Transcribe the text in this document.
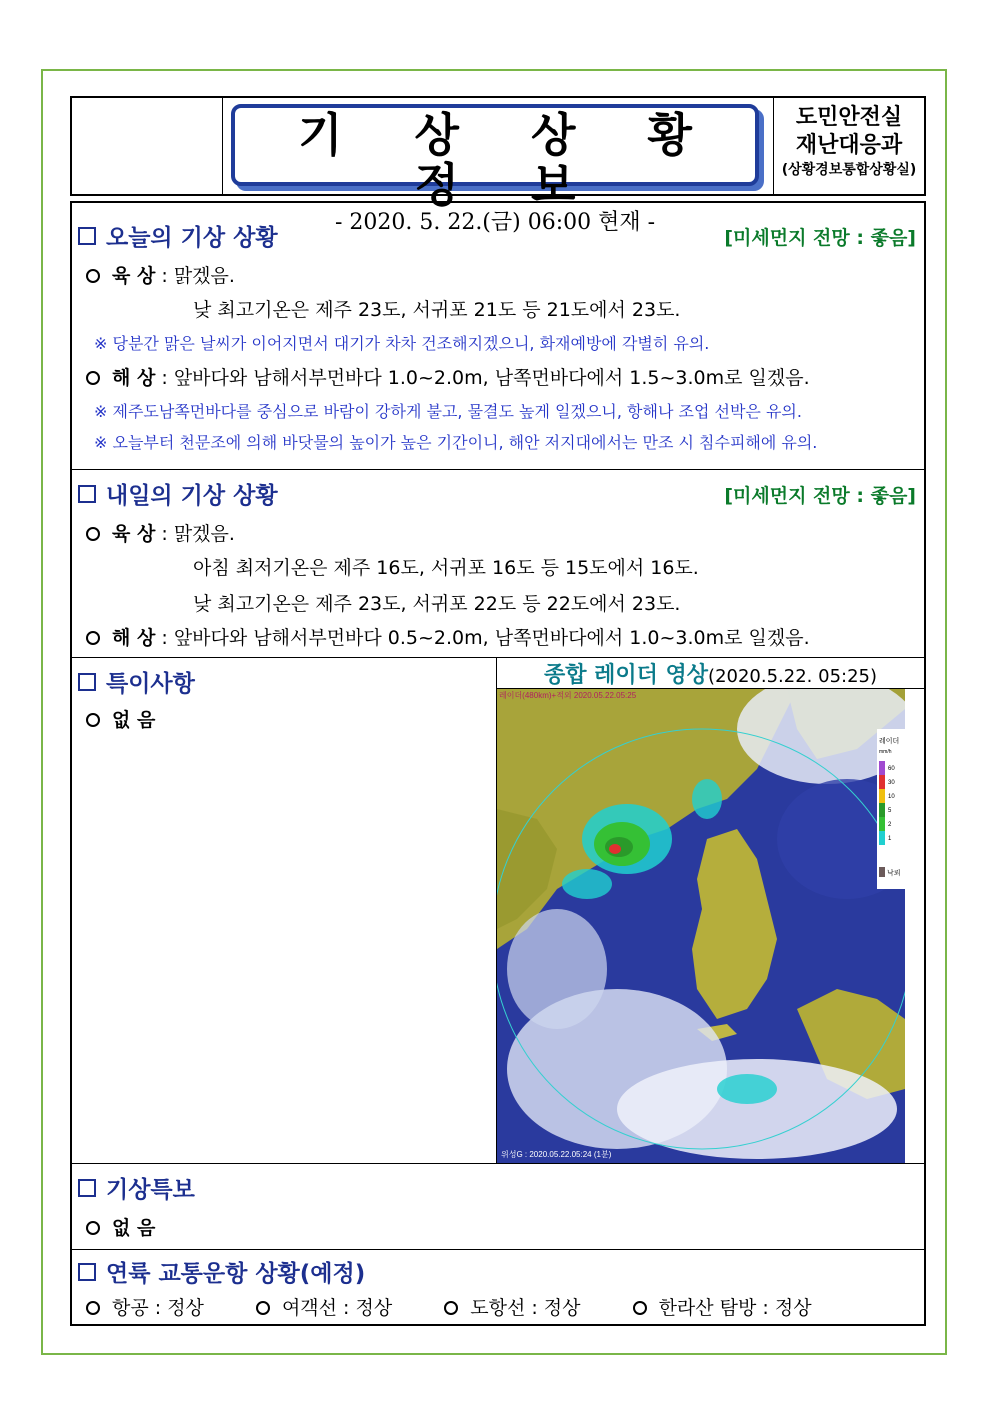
기 상 상 황 정 보
- 2020. 5. 22.(금) 06:00 현재 -
도민안전실
재난대응과
(상황경보통합상황실)
오늘의 기상 상황	[미세먼지 전망 : 좋음]
육 상 : 맑겠음.
낮 최고기온은 제주 23도, 서귀포 21도 등 21도에서 23도.
※ 당분간 맑은 날씨가 이어지면서 대기가 차차 건조해지겠으니, 화재예방에 각별히 유의.
해 상 : 앞바다와 남해서부먼바다 1.0~2.0m, 남쪽먼바다에서 1.5~3.0m로 일겠음.
※ 제주도남쪽먼바다를 중심으로 바람이 강하게 불고, 물결도 높게 일겠으니, 항해나 조업 선박은 유의.
※ 오늘부터 천문조에 의해 바닷물의 높이가 높은 기간이니, 해안 저지대에서는 만조 시 침수피해에 유의.
내일의 기상 상황	[미세먼지 전망 : 좋음]
육 상 : 맑겠음.
아침 최저기온은 제주 16도, 서귀포 16도 등 15도에서 16도.
낮 최고기온은 제주 23도, 서귀포 22도 등 22도에서 23도.
해 상 : 앞바다와 남해서부먼바다 0.5~2.0m, 남쪽먼바다에서 1.0~3.0m로 일겠음.
특이사항
없 음
종합 레이더 영상(2020.5.22. 05:25)
60
30
10
5
2
1
레이더
mm/h
낙뢰
레이더(480km)+적외 2020.05.22.05:25
위성G : 2020.05.22.05:24 (1분)
기상특보
없 음
연륙 교통운항 상황(예정)
항공 : 정상	여객선 : 정상	도항선 : 정상	한라산 탐방 : 정상
